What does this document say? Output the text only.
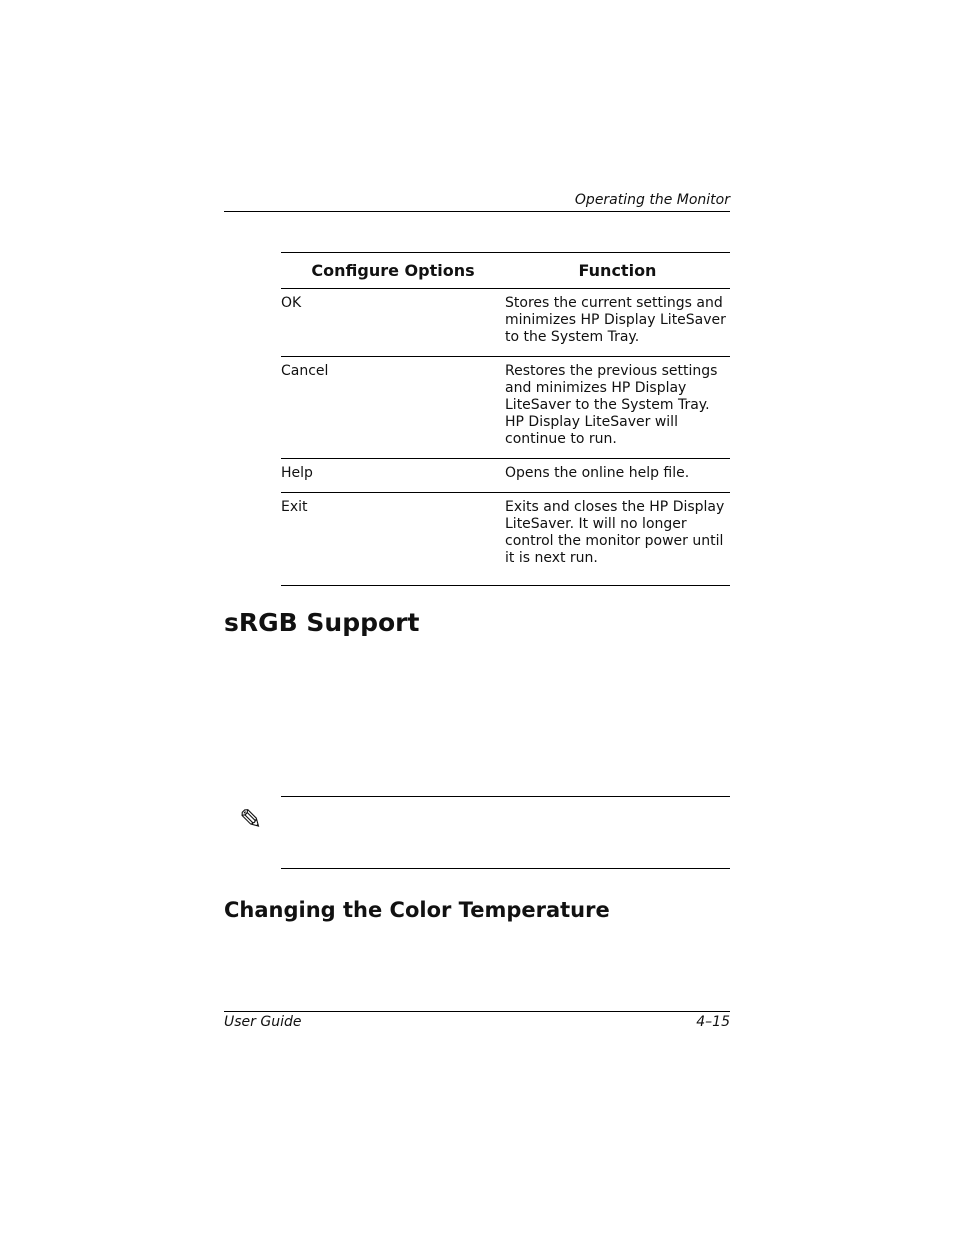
Operating the Monitor
Configure Options	Function
OK	Stores the current settings and minimizes HP Display LiteSaver to the System Tray.
Cancel	Restores the previous settings and minimizes HP Display LiteSaver to the System Tray. HP Display LiteSaver will continue to run.
Help	Opens the online help file.
Exit	Exits and closes the HP Display LiteSaver. It will no longer control the monitor power until it is next run.
sRGB Support
✎
Changing the Color Temperature
User Guide	4–15
